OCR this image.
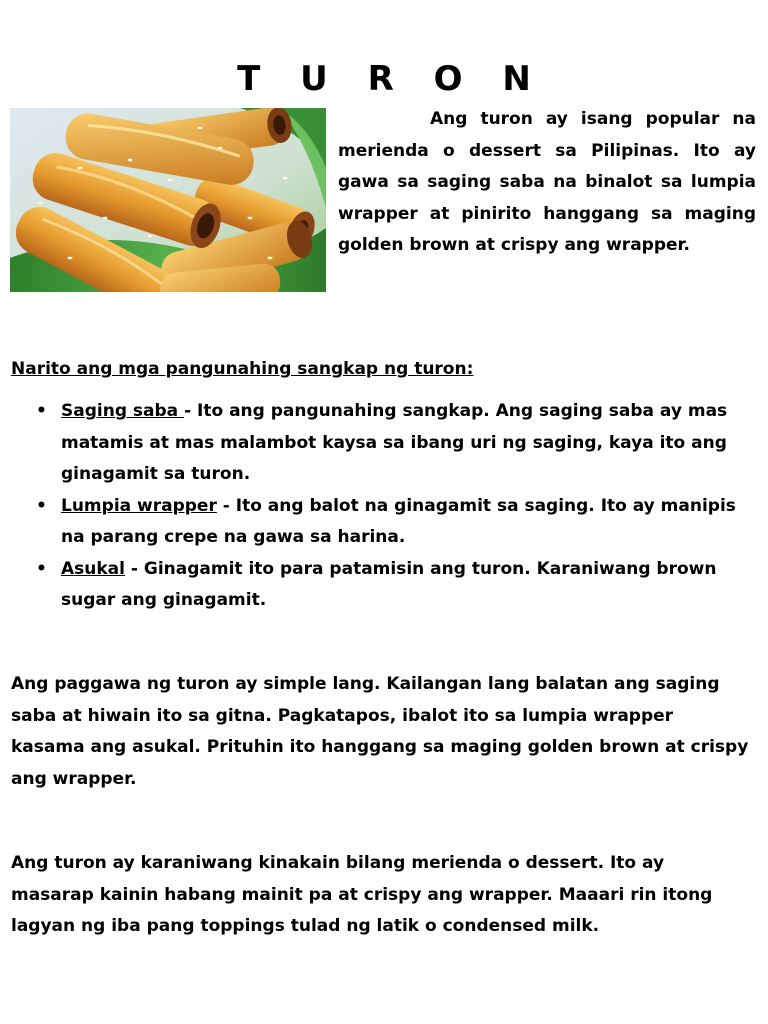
T U R O N

Ang turon ay isang popular na merienda o dessert sa Pilipinas. Ito ay gawa sa saging saba na binalot sa lumpia wrapper at pinirito hanggang sa maging golden brown at crispy ang wrapper.

Narito ang mga pangunahing sangkap ng turon:

• Saging saba - Ito ang pangunahing sangkap. Ang saging saba ay mas matamis at mas malambot kaysa sa ibang uri ng saging, kaya ito ang ginagamit sa turon.
• Lumpia wrapper - Ito ang balot na ginagamit sa saging. Ito ay manipis na parang crepe na gawa sa harina.
• Asukal - Ginagamit ito para patamisin ang turon. Karaniwang brown sugar ang ginagamit.

Ang paggawa ng turon ay simple lang. Kailangan lang balatan ang saging saba at hiwain ito sa gitna. Pagkatapos, ibalot ito sa lumpia wrapper kasama ang asukal. Prituhin ito hanggang sa maging golden brown at crispy ang wrapper.

Ang turon ay karaniwang kinakain bilang merienda o dessert. Ito ay masarap kainin habang mainit pa at crispy ang wrapper. Maaari rin itong lagyan ng iba pang toppings tulad ng latik o condensed milk.
